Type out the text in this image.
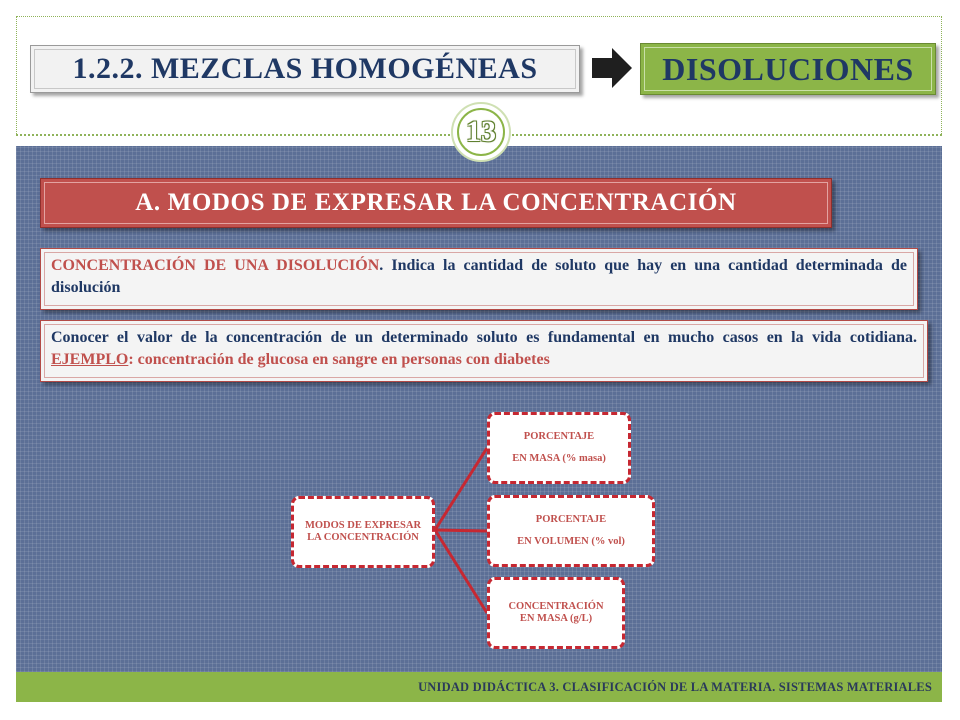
1.2.2. MEZCLAS HOMOGÉNEAS	DISOLUCIONES
13
A. MODOS DE EXPRESAR LA CONCENTRACIÓN
CONCENTRACIÓN DE UNA DISOLUCIÓN. Indica la cantidad de soluto que hay en una cantidad determinada de disolución
Conocer el valor de la concentración de un determinado soluto es fundamental en mucho casos en la vida cotidiana. EJEMPLO: concentración de glucosa en sangre en personas con diabetes
MODOS DE EXPRESAR LA CONCENTRACIÓN
PORCENTAJE
EN MASA (% masa)
PORCENTAJE
EN VOLUMEN (% vol)
CONCENTRACIÓN
EN MASA (g/L)
UNIDAD DIDÁCTICA 3. CLASIFICACIÓN DE LA MATERIA. SISTEMAS MATERIALES
